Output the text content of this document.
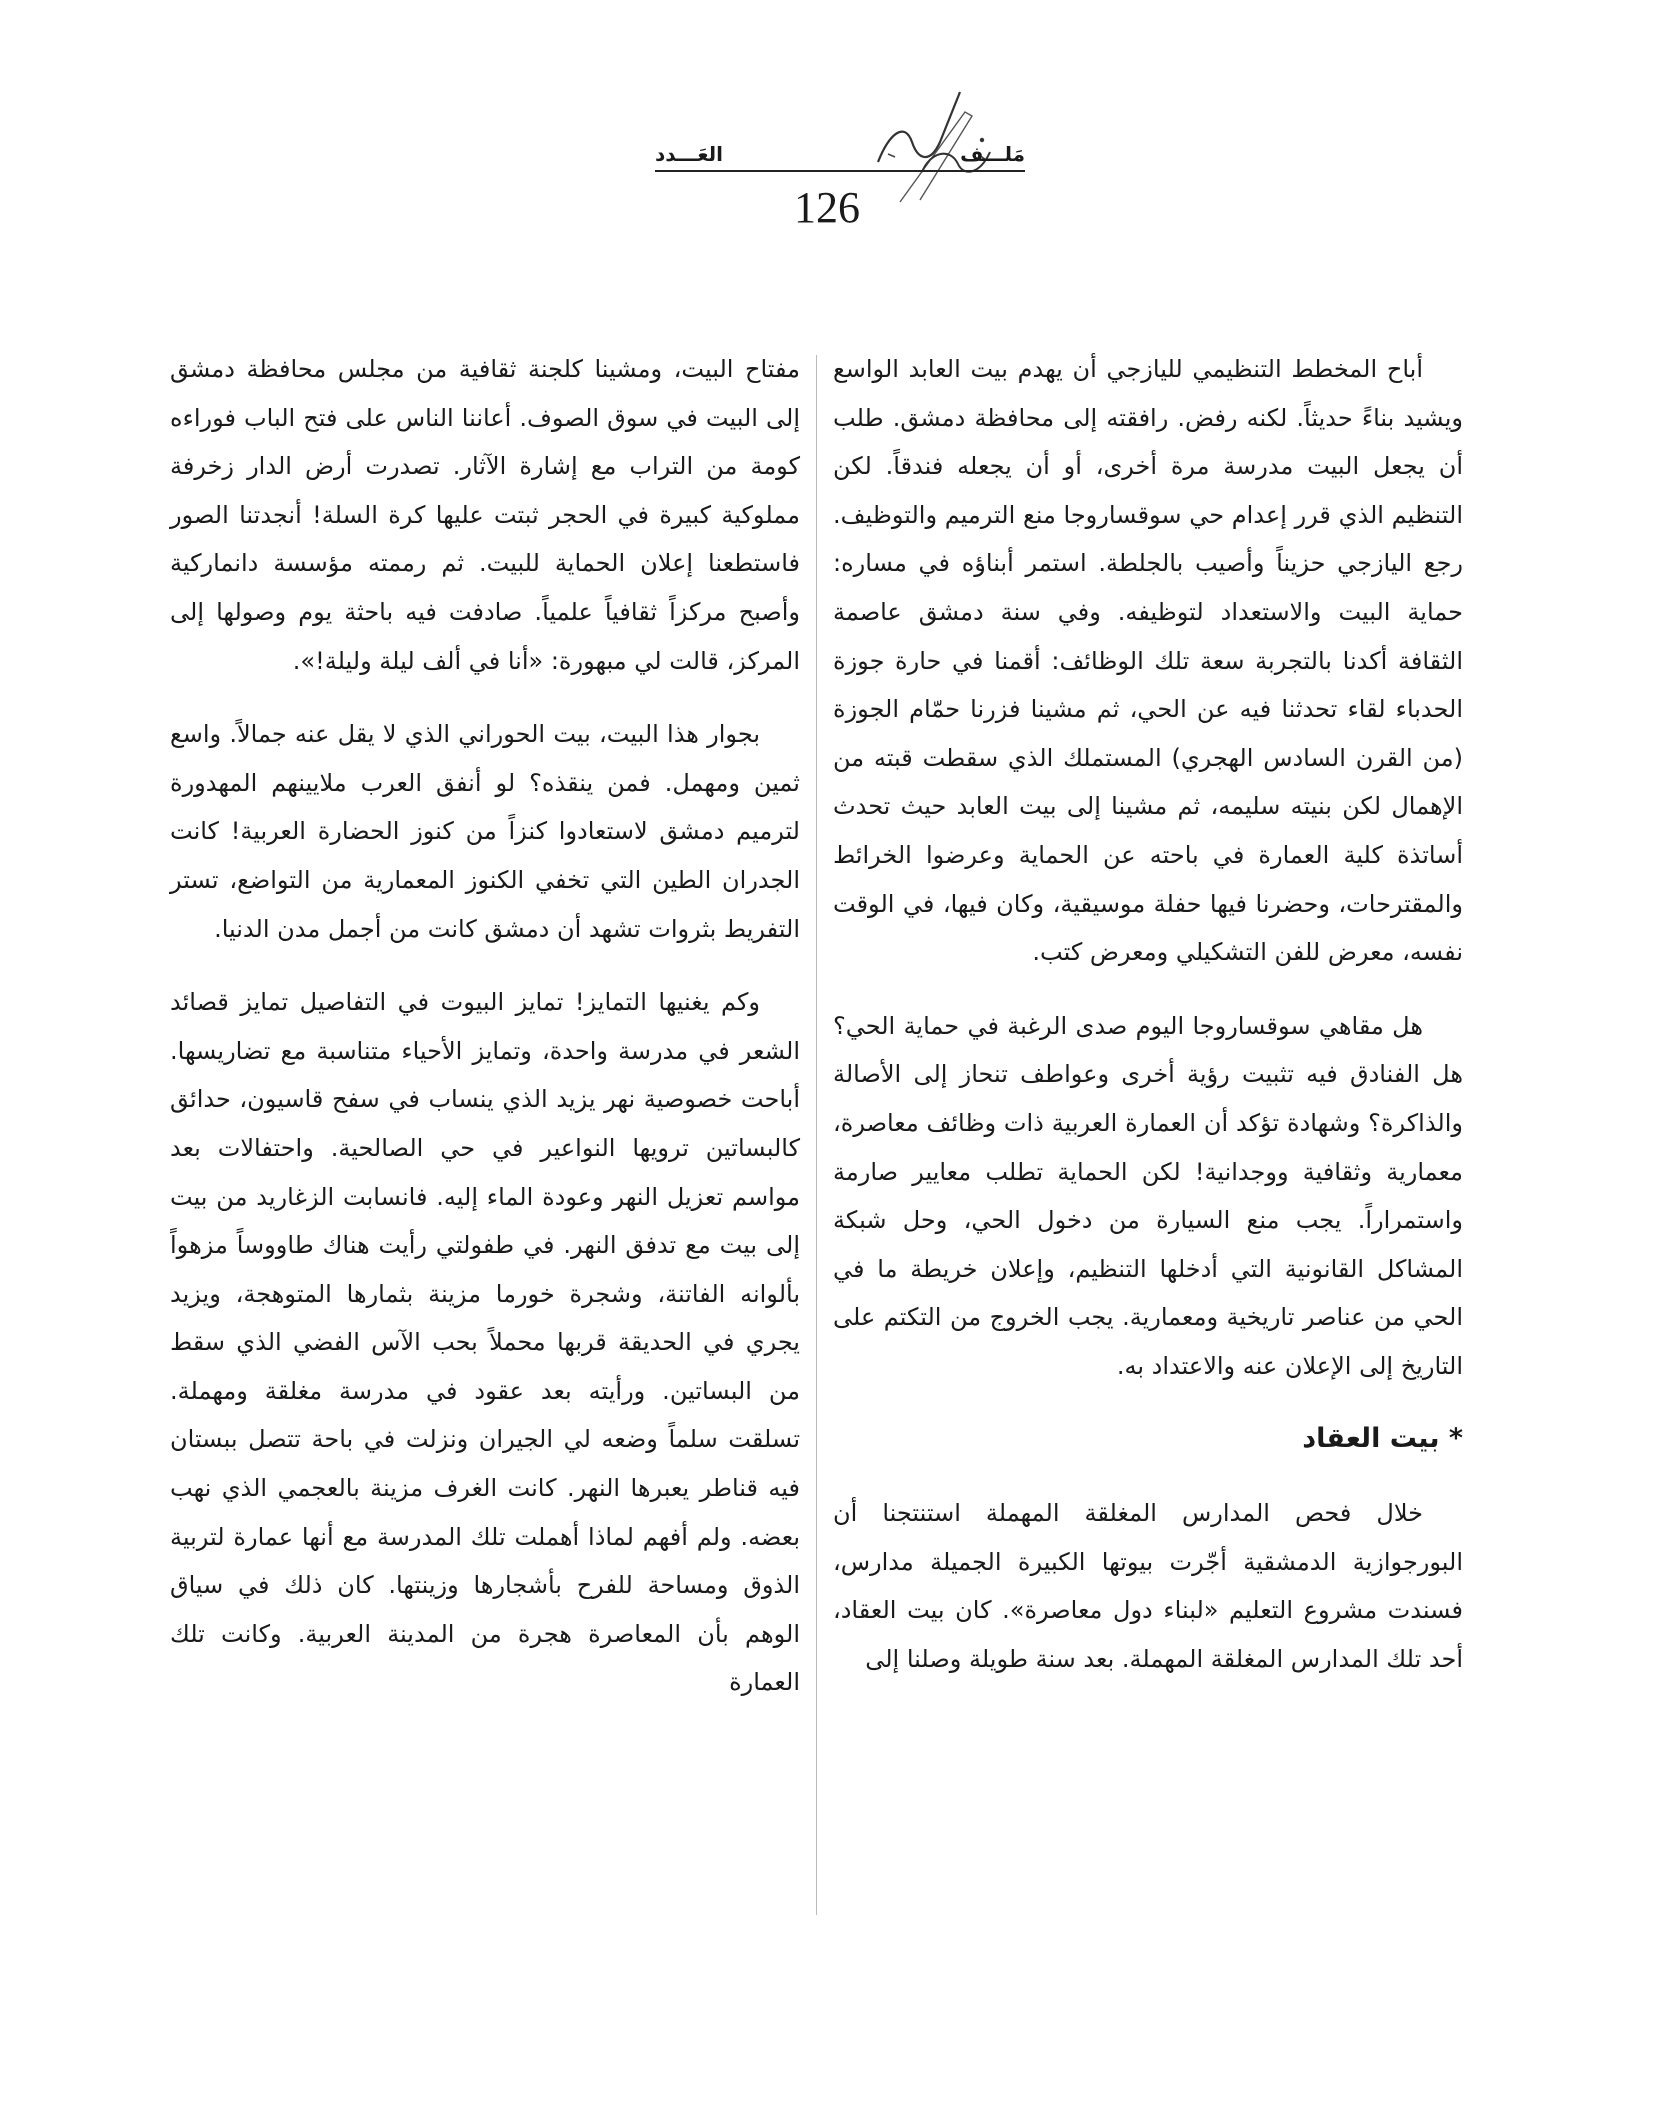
مَلـــف
العَـــدد
126

أباح المخطط التنظيمي لليازجي أن يهدم بيت العابد الواسع ويشيد بناءً حديثاً. لكنه رفض. رافقته إلى محافظة دمشق. طلب أن يجعل البيت مدرسة مرة أخرى، أو أن يجعله فندقاً. لكن التنظيم الذي قرر إعدام حي سوقساروجا منع الترميم والتوظيف. رجع اليازجي حزيناً وأصيب بالجلطة. استمر أبناؤه في مساره: حماية البيت والاستعداد لتوظيفه. وفي سنة دمشق عاصمة الثقافة أكدنا بالتجربة سعة تلك الوظائف: أقمنا في حارة جوزة الحدباء لقاء تحدثنا فيه عن الحي، ثم مشينا فزرنا حمّام الجوزة (من القرن السادس الهجري) المستملك الذي سقطت قبته من الإهمال لكن بنيته سليمه، ثم مشينا إلى بيت العابد حيث تحدث أساتذة كلية العمارة في باحته عن الحماية وعرضوا الخرائط والمقترحات، وحضرنا فيها حفلة موسيقية، وكان فيها، في الوقت نفسه، معرض للفن التشكيلي ومعرض كتب.

هل مقاهي سوقساروجا اليوم صدى الرغبة في حماية الحي؟ هل الفنادق فيه تثبيت رؤية أخرى وعواطف تنحاز إلى الأصالة والذاكرة؟ وشهادة تؤكد أن العمارة العربية ذات وظائف معاصرة، معمارية وثقافية ووجدانية! لكن الحماية تطلب معايير صارمة واستمراراً. يجب منع السيارة من دخول الحي، وحل شبكة المشاكل القانونية التي أدخلها التنظيم، وإعلان خريطة ما في الحي من عناصر تاريخية ومعمارية. يجب الخروج من التكتم على التاريخ إلى الإعلان عنه والاعتداد به.

* بيت العقاد

خلال فحص المدارس المغلقة المهملة استنتجنا أن البورجوازية الدمشقية أجّرت بيوتها الكبيرة الجميلة مدارس، فسندت مشروع التعليم «لبناء دول معاصرة». كان بيت العقاد، أحد تلك المدارس المغلقة المهملة. بعد سنة طويلة وصلنا إلى

مفتاح البيت، ومشينا كلجنة ثقافية من مجلس محافظة دمشق إلى البيت في سوق الصوف. أعاننا الناس على فتح الباب فوراءه كومة من التراب مع إشارة الآثار. تصدرت أرض الدار زخرفة مملوكية كبيرة في الحجر ثبتت عليها كرة السلة! أنجدتنا الصور فاستطعنا إعلان الحماية للبيت. ثم رممته مؤسسة دانماركية وأصبح مركزاً ثقافياً علمياً. صادفت فيه باحثة يوم وصولها إلى المركز، قالت لي مبهورة: «أنا في ألف ليلة وليلة!».

بجوار هذا البيت، بيت الحوراني الذي لا يقل عنه جمالاً. واسع ثمين ومهمل. فمن ينقذه؟ لو أنفق العرب ملايينهم المهدورة لترميم دمشق لاستعادوا كنزاً من كنوز الحضارة العربية! كانت الجدران الطين التي تخفي الكنوز المعمارية من التواضع، تستر التفريط بثروات تشهد أن دمشق كانت من أجمل مدن الدنيا.

وكم يغنيها التمايز! تمايز البيوت في التفاصيل تمايز قصائد الشعر في مدرسة واحدة، وتمايز الأحياء متناسبة مع تضاريسها. أباحت خصوصية نهر يزيد الذي ينساب في سفح قاسيون، حدائق كالبساتين ترويها النواعير في حي الصالحية. واحتفالات بعد مواسم تعزيل النهر وعودة الماء إليه. فانسابت الزغاريد من بيت إلى بيت مع تدفق النهر. في طفولتي رأيت هناك طاووساً مزهواً بألوانه الفاتنة، وشجرة خورما مزينة بثمارها المتوهجة، ويزيد يجري في الحديقة قربها محملاً بحب الآس الفضي الذي سقط من البساتين. ورأيته بعد عقود في مدرسة مغلقة ومهملة. تسلقت سلماً وضعه لي الجيران ونزلت في باحة تتصل ببستان فيه قناطر يعبرها النهر. كانت الغرف مزينة بالعجمي الذي نهب بعضه. ولم أفهم لماذا أهملت تلك المدرسة مع أنها عمارة لتربية الذوق ومساحة للفرح بأشجارها وزينتها. كان ذلك في سياق الوهم بأن المعاصرة هجرة من المدينة العربية. وكانت تلك العمارة
